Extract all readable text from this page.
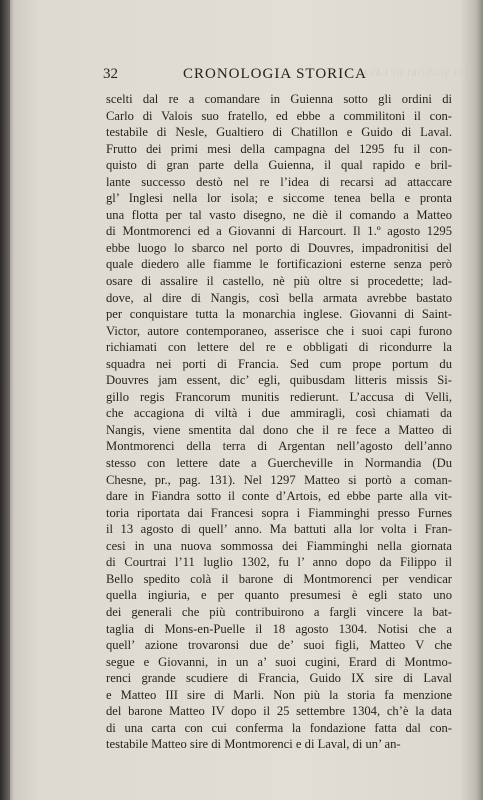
DEI SIGNORI DI LAVAL
32	CRONOLOGIA STORICA
scelti dal re a comandare in Guienna sotto gli ordini di
Carlo di Valois suo fratello, ed ebbe a commilitoni il con-
testabile di Nesle, Gualtiero di Chatillon e Guido di Laval.
Frutto dei primi mesi della campagna del 1295 fu il con-
quisto di gran parte della Guienna, il qual rapido e bril-
lante successo destò nel re l’idea di recarsi ad attaccare
gl’ Inglesi nella lor isola; e siccome tenea bella e pronta
una flotta per tal vasto disegno, ne diè il comando a Matteo
di Montmorenci ed a Giovanni di Harcourt. Il 1.º agosto 1295
ebbe luogo lo sbarco nel porto di Douvres, impadronitisi del
quale diedero alle fiamme le fortificazioni esterne senza però
osare di assalire il castello, nè più oltre si procedette; lad-
dove, al dire di Nangis, così bella armata avrebbe bastato
per conquistare tutta la monarchia inglese. Giovanni di Saint-
Victor, autore contemporaneo, asserisce che i suoi capi furono
richiamati con lettere del re e obbligati di ricondurre la
squadra nei porti di Francia. Sed cum prope portum du
Douvres jam essent, dic’ egli, quibusdam litteris missis Si-
gillo regis Francorum munitis redierunt. L’accusa di Velli,
che accagiona di viltà i due ammiragli, così chiamati da
Nangis, viene smentita dal dono che il re fece a Matteo di
Montmorenci della terra di Argentan nell’agosto dell’anno
stesso con lettere date a Guercheville in Normandia (Du
Chesne, pr., pag. 131). Nel 1297 Matteo si portò a coman-
dare in Fiandra sotto il conte d’Artois, ed ebbe parte alla vit-
toria riportata dai Francesi sopra i Fiamminghi presso Furnes
il 13 agosto di quell’ anno. Ma battuti alla lor volta i Fran-
cesi in una nuova sommossa dei Fiamminghi nella giornata
di Courtrai l’11 luglio 1302, fu l’ anno dopo da Filippo il
Bello spedito colà il barone di Montmorenci per vendicar
quella ingiuria, e per quanto presumesi è egli stato uno
dei generali che più contribuirono a fargli vincere la bat-
taglia di Mons-en-Puelle il 18 agosto 1304. Notisi che a
quell’ azione trovaronsi due de’ suoi figli, Matteo V che
segue e Giovanni, in un a’ suoi cugini, Erard di Montmo-
renci grande scudiere di Francia, Guido IX sire di Laval
e Matteo III sire di Marli. Non più la storia fa menzione
del barone Matteo IV dopo il 25 settembre 1304, ch’è la data
di una carta con cui conferma la fondazione fatta dal con-
testabile Matteo sire di Montmorenci e di Laval, di un’ an-
